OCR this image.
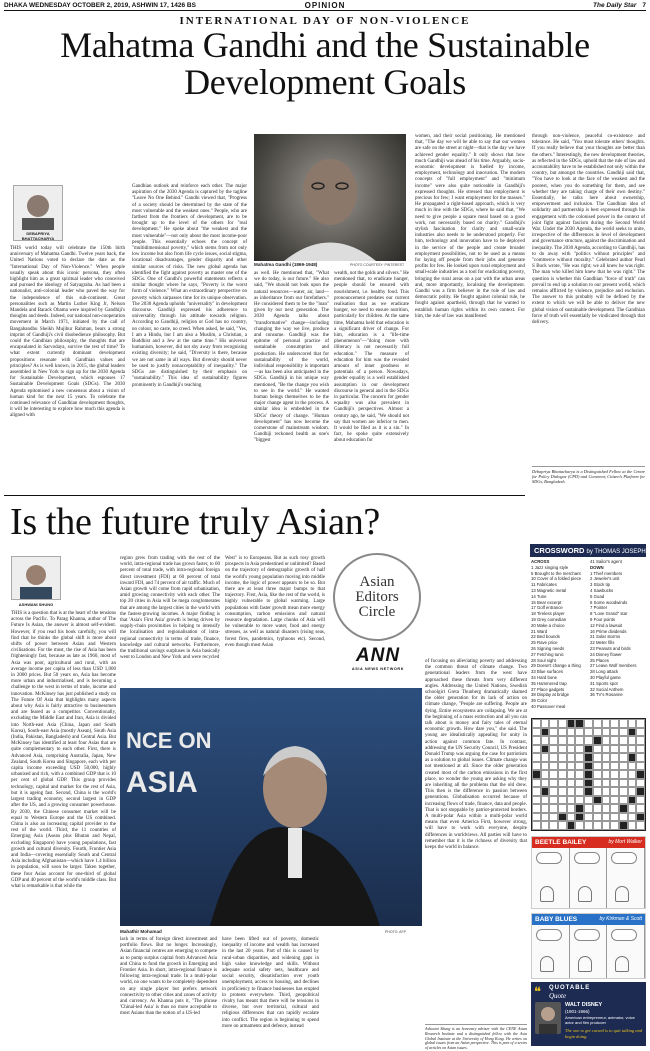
DHAKA WEDNESDAY OCTOBER 2, 2019, ASHWIN 17, 1426 BS	OPINION	The Daily Star 7
INTERNATIONAL DAY OF NON-VIOLENCE
Mahatma Gandhi and the Sustainable Development Goals
DEBAPRIYA BHATTACHARYA
THIS world today will celebrate the 150th birth anniversary of Mahatma Gandhi. Twelve years back, the United Nations voted to declare the date as the "International Day of Non-Violence." When people usually speak about this iconic persona, they often highlight him as a great spiritual leader who conceived and pursued the ideology of Satyagraha. As had been a nationalist, anti-colonial leader who paved the way for the independence of this sub-continent. Great personalities such as Martin Luther King Jr, Nelson Mandela and Barack Obama were inspired by Gandhiji's thoughts and deeds. Indeed, our national non-cooperation movement in March 1971, initiated by the call of Bangabandhu Sheikh Mujibur Rahman, bears a strong imprint of Gandhiji's civil disobedience philosophy. But could the Gandhian philosophy, the thoughts that are encapsulated in Sarvodaya, survive the test of time? To what extent currently dominant development propositions resonate with Gandhian values and principles? As is well known, in 2015, the global leaders assembled in New York to sign up for the 2030 Agenda for Sustainable Development, which espouses 17 Sustainable Development Goals (SDGs). The 2030 Agenda epitomised a new consensus about a vision of human kind for the next 15 years. To celebrate the continued relevance of Gandhian development thoughts, it will be interesting to explore how much this agenda is aligned with
Gandhian outlook and reinforce each other. The major aspiration of the 2030 Agenda is captured by the tagline "Leave No One Behind." Gandhi viewed that, "Progress of a society should be determined by the state of the most vulnerable and the weakest ones." People, who are farthest from the frontiers of development, are to be brought up to the level of the others for "real development." He spoke about "the weakest and the most vulnerable"—not only about the most income-poor people. This essentially echoes the concept of "multidimensional poverty," which stems from not only low income but also from life cycle issues, social stigma, locational disadvantages, gender disparity and other similar sources of risks. The new global agenda has identified the fight against poverty as master one of the SDGs. One of Gandhi's powerful statements reflects a similar thought where he says, "Poverty is the worst form of violence." What an extraordinary perspective on poverty which surpasses time for its unique observation. The 2030 Agenda upholds "universality" in development discourse. Gandhiji expressed his adherence to universality through his attitude towards religion. According to Gandhiji, religion or God has no country, no colour, no caste, no creed. When asked, he said, "Yes, I am a Hindu, but I am also a Muslim, a Christian, a Buddhist and a Jew at the same time." His universal humanism, however, did not shy away from recognising existing diversity; he said, "Diversity is there, because we are not same in all ways. But diversity should never be used to justify nonacceptability of inequality." The SDGs are distinguished by their emphasis on "sustainability." This idea of sustainability figures prominently in Gandhiji's teaching
Mahatma Gandhi (1869-1948)	PHOTO COURTESY: PINTEREST
as well. He mentioned that, "What we do today, is our future." He also said, "We should not look upon the natural resources—water, air, land—as inheritance from our forefathers." He considered them to be the "loan" given by our next generation. The 2030 Agenda talks about "transformative" change—including changing the way we live, produce and consume. Gandhiji was the epitome of personal practice of sustainable consumption and production. He underscored that for sustainability of the world, individual responsibility is important—as has been also anticipated in the SDGs. Gandhiji in his unique way mentioned, "Be the change you wish to see in the world." He wanted human beings themselves to be the major change agent in the process. A similar idea is embedded in the SDGs' theory of change. "Human development" has now become the cornerstone of mainstream wisdom. Gandhiji reckoned health as one's "biggest
wealth, not the golds and silvers." He mentioned that, to eradicate hunger, people should be ensured with nourishment, i.e. healthy food. This pronouncement predates our current realisation that as we eradicate hunger, we need to ensure nutrition, particularly for children. At the same time, Mahatma held that education is a significant driver of change. For him, education is a "life-time phenomenon"—"doing more with illiteracy is not necessarily full education." The measure of education for him was the revealed amount of inner goodness or potentials of a person. Nowadays, gender equality is a well established assumption in our development discourse in general and in the SDGs in particular. The concern for gender equality was also prevalent in Gandhiji's perspectives. Almost a century ago, he said, "We should not say that women are inferior to men. It would be filed as it is a sin." In fact, he spoke quite extensively about education for
women, and their social positioning. He mentioned that, "The day we will be able to say that our women are safe on the street at night—that is the day we have achieved gender equality." It only shows that how much Gandhiji was ahead of his time. Arguably, socio-economic development is fuelled by income, employment, technology and innovation. The modern concepts of "full employment" and "minimum income" were also quite noticeable in Gandhiji's expressed thoughts. He stressed that employment is precious for few; I want employment for the masses." He propagated a right-based approach, which is very much in line with the SDGs, where he said that, "We need to give people a square meal based on a good work, not necessarily based on charity." Gandhiji's stylish fascination for clarity and small-scale industries also needs to be understood properly. For him, technology and innovation have to be deployed in the service of the people and create broader employment possibilities, not to be used as a means for laying off people from their jobs and generate profits for few. He looked upon rural employment and small-scale industries as a tool for eradicating poverty, bringing the rural areas on a par with the urban areas and, more importantly, localising the development. Gandhi was a firm believer in the role of law and democratic polity. He fought against colonial rule, he fought against apartheid, through that he wanted to establish human rights within its own context. For him, the rule of law was manifested
through non-violence, peaceful co-existence and tolerance. He said, "You must tolerate others' thoughts. If you really believe that your thoughts are better than the others." Interestingly, the new development theories, as reflected in the SDGs, uphold that the rule of law and accountability have to be established not only within the country, but amongst the countries. Gandhiji said that, "You have to look at the face of the weakest and the poorest, when you do something for them, and see whether they are taking charge of their own destiny." Essentially, he talks here about ownership, empowerment and inclusion. The Gandhian idea of solidarity and partnership is best expressed through his engagement with the colonised power in the context of joint fight against fascism during the Second World War. Under the 2030 Agenda, the world seeks to unite, irrespective of the differences in level of development and governance structure, against the discrimination and inequality. The 2030 Agenda, according to Gandhiji, has to do away with "politics without principles" and "commerce without morality." Celebrated author Pearl S Buck wrote, "He was right; we all knew he was right. The man who killed him knew that he was right." The question is whether this Gandhian "force of truth" can prevail to end up a solution to our present world, which remains afflicted by violence, prejudice and exclusion. The answer to this probably will be defined by the extent to which we will be able to deliver the new global vision of sustainable development. The Gandhian force of truth will essentially be vindicated through that delivery.
Debapriya Bhattacharya is a Distinguished Fellow at the Centre for Policy Dialogue (CPD) and Convenor, Citizen's Platform for SDGs, Bangladesh.
Is the future truly Asian?
ASHWANI SHUNG
THIS is a question that is at the heart of the tensions across the Pacific. To Parag Khanna, author of The Future Is Asian, the answer is almost self-evident. However, if you read his book carefully, you will find that he thinks the global shift is more about shifts of power between Asian and Western civilisations. For the most, the rise of Asia has been frighteningly fast, because as late as 1960, most of Asia was poor, agricultural and rural, with an average income per capita of less than USD 1,000 in 2000 prices. But 50 years on, Asia has become more urban and industrialised, and is becoming a challenge to the west in terms of trade, income and innovation. McKinsey has just published a study on The Future Of Asia that highlights many aspects about why Asia is fairly attractive to businessmen and are feared as a competitor. Conventionally, excluding the Middle East and Iran, Asia is divided into North-east Asia (China, Japan and South Korea), South-east Asia (mostly Asean), South Asia (India, Pakistan, Bangladesh) and Central Asia. But McKinsey has identified at least four Asias that are quite complementary to each other. First, there is Advanced Asia, comprising Australia, Japan, New Zealand, South Korea and Singapore, each with per capita income exceeding USD 50,000, highly urbanised and rich, with a combined GDP that is 10 per cent of global GDP. This group provides technology, capital and market for the rest of Asia, but it is ageing fast. Second, China is the world's largest trading economy, second largest in GDP after the US, and a growing consumer powerhouse. By 2030, the Chinese consumer market will be equal to Western Europe and the US combined. China is also an increasing capital provider to the rest of the world. Third, the 11 countries of Emerging Asia (Asean plus Bhutan and Nepal, excluding Singapore) have young populations, fast growth and cultural diversity. Fourth, Frontier Asia and India—covering essentially South and Central Asia including Afghanistan—which have 1.4 billion in population, will soon be larger. Taken together, these four Asias account for one-third of global GDP and 40 percent of the world's middle class. But what is remarkable is that while the
region grew from trading with the rest of the world, intra-regional trade has grown faster, to 60 percent of total trade, with intra-regional foreign direct investment (FDI) at 60 percent of total inward FDI, and 74 percent of air traffic. Much of Asian growth will come from rapid urbanisation, amid growing connectivity with each other. The top 20 cities in Asia will be mega conglomerates that are among the largest cities in the world with the fastest-growing incomes. A major finding is that 'Asia's First Asia' growth is being driven by supply-chain proximities in helping to intensify the localisation and regionalisation of intra-regional connectivity in terms of trade, finance, knowledge and cultural networks. Furthermore, the traditional savings surpluses in Asia basically went to London and New York and were recycled
West" is to Europeans. But as such rosy growth prospects in Asia predestined or unlimited? Based on the trajectory of demographic growth of half the world's young population moving into middle income, the logic of power appears to be so. But there are at least three major bumps to that trajectory. First, Asia, like the rest of the world, is highly vulnerable to global warming. Large populations with faster growth mean more energy consumption, carbon emissions and natural resource degradation. Large chunks of Asia will be vulnerable to more water, food and energy stresses, as well as natural disasters (rising seas, forest fires, pandemics, typhoons etc). Second, even though most Asian
Asian
Editors
Circle
ANN
ASIA NEWS NETWORK
NCE ON
ASIA
Mahathir Mohamad	PHOTO: AFP
of focusing on alleviating poverty and addressing the common threat of climate change. Two generational leaders from the west have approached these threats from very different angles. Addressing the United Nations, Swedish schoolgirl Greta Thunberg dramatically shamed the older generation for its lack of action on climate change, "People are suffering. People are dying. Entire ecosystems are collapsing. We are at the beginning of a mass extinction and all you can talk about is money and fairy tales of eternal economic growth. How dare you," she said. The young are idealistically appealing for unity in action against common fate. In contrast, addressing the UN Security Council, US President Donald Trump was arguing the case for patriotism as a solution to global issues. Climate change was not mentioned at all. Since the older generation created most of the carbon emissions in the first place, no wonder the young are asking why they are inheriting all the problems that the old drew. This then is the difference in passion between generations. Globalisation occurred because of increasing flows of trade, finance, data and people. That is not stoppable by patriot-protected borders. A multi-polar Asia within a multi-polar world means that even America First, however strong, will have to work with everyone, despite differences in worldviews. All parties will have to remember that it is the richness of diversity that keeps the world in balance.
lack in terms of foreign direct investment and portfolio flows. But no longer. Increasingly, Asian financial centres are emerging to compete as to pump surplus capital from Advanced Asia and China to fund the growth in Emerging and Frontier Asia. In short, intra-regional finance is following intra-regional trade. In a multi-polar world, no one wants to be completely dependent on any single player but prefers network connectivity to other cities and zones of activity and currency. As Khanna puts it, "The phrase 'Chinal-led Asia' is thus no more acceptable to most Asians than the notion of a US-led
have been lifted out of poverty, domestic inequality of income and wealth has increased in the last 20 years. Part of this is caused by rural-urban disparities, and widening gaps in high value knowledge and skills. Without adequate social safety nets, healthcare and social security, dissatisfaction over youth unemployment, access to housing, and declines in proficiency to finance businesses has erupted in protests everywhere. Third, geopolitical rivalry has meant that there will be tensions in diverse, but over territorial, cultural and religious differences that can rapidly escalate into conflict. The region is beginning to spend more on armaments and defence, instead	Ashwani Shung is an honorary adviser with the CENE Asian Research Institute and a distinguished fellow with the Asia Global Institute at the University of Hong Kong. He writes on global issues from an Asian perspective. This is part of a series of articles on Asian issues.
CROSSWORD by THOMAS JOSEPH
ACROSS
1 Jazz singing style
5 Brought to the merchant
10 Cover of a folded piece
11 Fabricates
13 Magnetic metal
14 Tune
15 Bear excerpt
17 Golf entrance
18 Tireless player
19 Grey comedian
20 Make a choice
21 Ward
22 Bed bounds
25 Rave price
26 Signing needs
27 Fetching tunic
28 Soul sight
29 Doesn't change a thing
33 Blue surfaces
34 Hard bone
35 Hammered trap
37 Place gadgets
38 Display at bridge
39 Color
40 Passover meal
41 Sailor's agent
DOWN
1 Thief members
2 Jeweler's unit
3 Stock tip
4 Sawbucks
5 Goad
6 Some woodwinds
7 Pointer
8 "Love Grand" star
9 Four points
12 Find a lawsuit
16 Prime dividends
21 Solar storms
22 Meter fills
23 Peanuts and birds
24 Disney flower
25 Places
27 Leave Wolf members
28 Long attack
30 Playful game
31 Sports spot
32 Social Anthem
36 TV's Rosanne
BEETLE BAILEY	by Mort Walker
BABY BLUES	by Kirkman & Scott
❝ QUOTABLE
Quote
WALT DISNEY
(1901-1966)
American entrepreneur, animator, voice actor and film producer
The one to get cursed is to quit talking and begin doing.
